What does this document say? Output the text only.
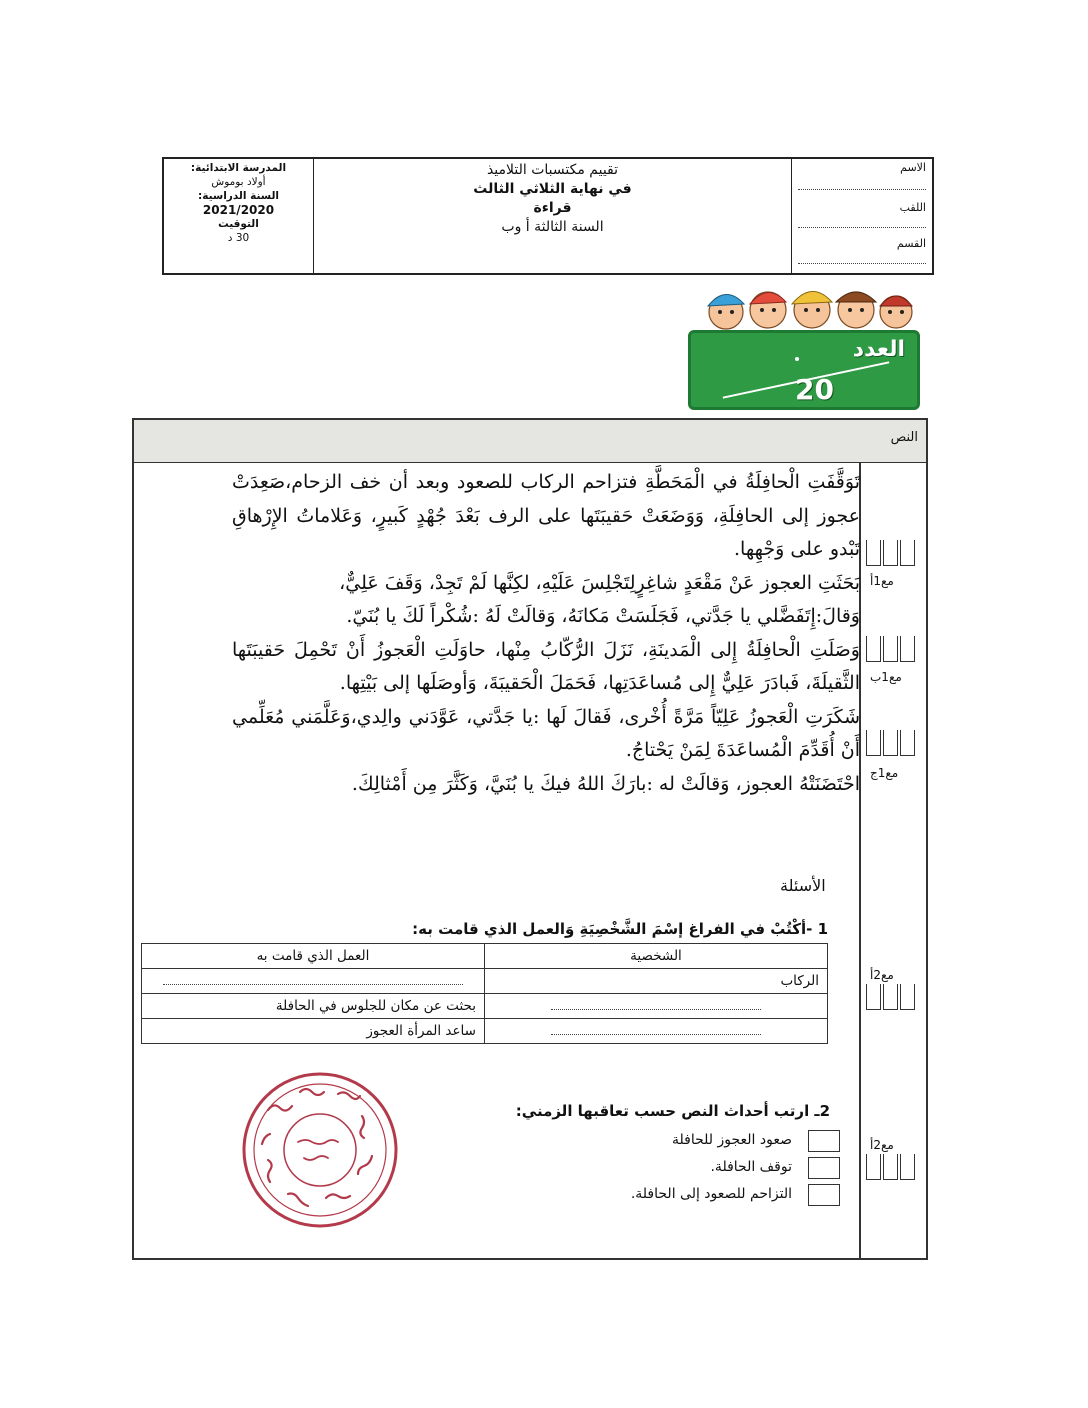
المدرسة الابتدائية:
أولاد بوموش
السنة الدراسية:
2021/2020
التوقيت
30 د
تقييم مكتسبات التلاميذ
في نهاية الثلاثي الثالث
قراءة
السنة الثالثة أ وب
الاسم
اللقب
القسم
العدد
20
النص

تَوَقَّفَتِ الْحافِلَةُ في الْمَحَطَّةِ فتزاحم الركاب للصعود وبعد أن خف الزحام،صَعِدَتْ عجوز إلى الحافِلَةِ، وَوَضَعَتْ حَقيبَتَها على الرف بَعْدَ جُهْدٍ كَبيرٍ، وَعَلاماتُ الإِرْهاقِ تَبْدو على وَجْهِها.

بَحَثَتِ العجوز عَنْ مَقْعَدٍ شاغِرٍلِتَجْلِسَ عَلَيْهِ، لكِنَّها لَمْ تَجِدْ، وَقَفَ عَلِيٌّ،

وَقالَ:إِتَفَضَّلي يا جَدَّتي، فَجَلَسَتْ مَكانَهُ، وَقالَتْ لَهُ :شُكْراً لَكَ يا بُنَيّ.

وَصَلَتِ الْحافِلَةُ إِلى الْمَدينَةِ، نَزَلَ الرُّكّابُ مِنْها، حاوَلَتِ الْعَجوزُ أَنْ تَحْمِلَ حَقيبَتَها الثَّقيلَةَ، فَبادَرَ عَلِيٌّ إِلى مُساعَدَتِها، فَحَمَلَ الْحَقيبَةَ، وَأوصَلَها إلى بَيْتِها.

شَكَرَتِ الْعَجوزُ عَلِيّاً مَرَّةً أُخْرى، فَقالَ لَها :يا جَدَّتي، عَوَّدَني والِدي،وَعَلَّمَني مُعَلِّمي أَنْ أُقَدِّمَ الْمُساعَدَةَ لِمَنْ يَحْتاجُ.

احْتَضَنَتْهُ العجوز، وَقالَتْ له :بارَكَ اللهُ فيكَ يا بُنَيَّ، وَكَثَّرَ مِن أَمْثالِكَ.

مع1أ
مع1ب
مع1ج
مع2أ
مع2أ
الأسئلة
1 -أكْتُبْ في الفراغ إسْمَ الشَّخْصِيَةِ وَالعمل الذي قامت به:
الشخصية	العمل الذي قامت به
الركاب	
	بحثت عن مكان للجلوس في الحافلة
	ساعد المرأة العجوز
2ـ ارتب أحداث النص حسب تعاقبها الزمني:
صعود العجوز للحافلة
توقف الحافلة.
التزاحم للصعود إلى الحافلة.
